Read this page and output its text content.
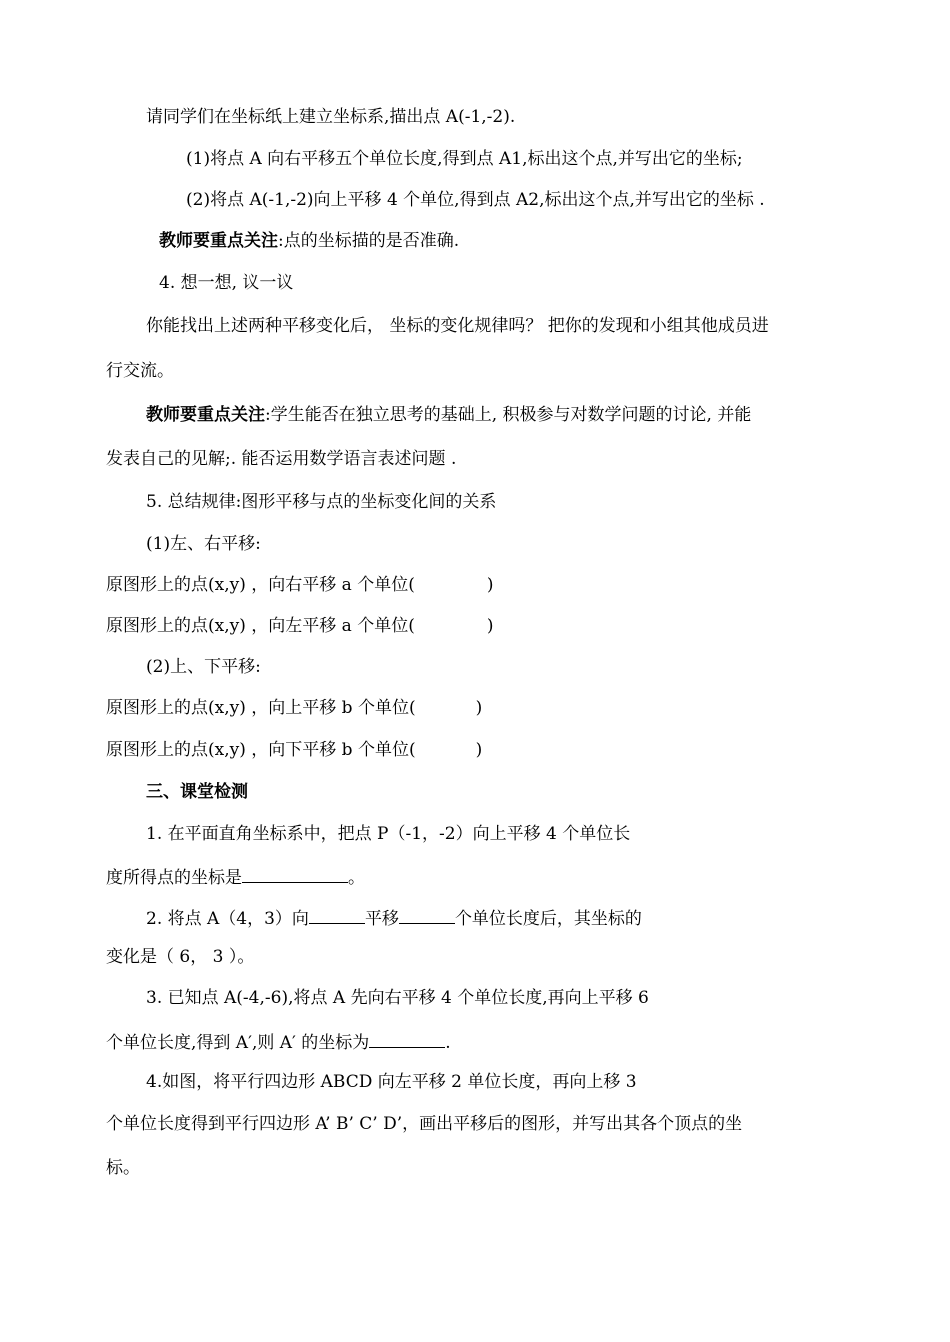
请同学们在坐标纸上建立坐标系,描出点 A(-1,-2).
(1)将点 A 向右平移五个单位长度,得到点 A1,标出这个点,并写出它的坐标;
(2)将点 A(-1,-2)向上平移 4 个单位,得到点 A2,标出这个点,并写出它的坐标 .
教师要重点关注:点的坐标描的是否准确.
4. 想一想, 议一议
你能找出上述两种平移变化后， 坐标的变化规律吗？ 把你的发现和小组其他成员进
行交流。
教师要重点关注:学生能否在独立思考的基础上, 积极参与对数学问题的讨论, 并能
发表自己的见解;. 能否运用数学语言表述问题 .
5. 总结规律:图形平移与点的坐标变化间的关系
(1)左、右平移:
原图形上的点(x,y) ，向右平移 a 个单位(	)
原图形上的点(x,y) ，向左平移 a 个单位(	)
(2)上、下平移:
原图形上的点(x,y) ，向上平移 b 个单位(	)
原图形上的点(x,y) ，向下平移 b 个单位(	)
三、课堂检测
1. 在平面直角坐标系中，把点 P（-1，-2）向上平移 4 个单位长
度所得点的坐标是	。
2. 将点 A（4，3）向	平移	个单位长度后，其坐标的
变化是（ 6， 3 ）。
3. 已知点 A(-4,-6),将点 A 先向右平移 4 个单位长度,再向上平移 6
个单位长度,得到 A′,则 A′ 的坐标为	.
4.如图，将平行四边形 ABCD 向左平移 2 单位长度，再向上移 3
个单位长度得到平行四边形 A’ B’ C’ D’，画出平移后的图形，并写出其各个顶点的坐
标。
